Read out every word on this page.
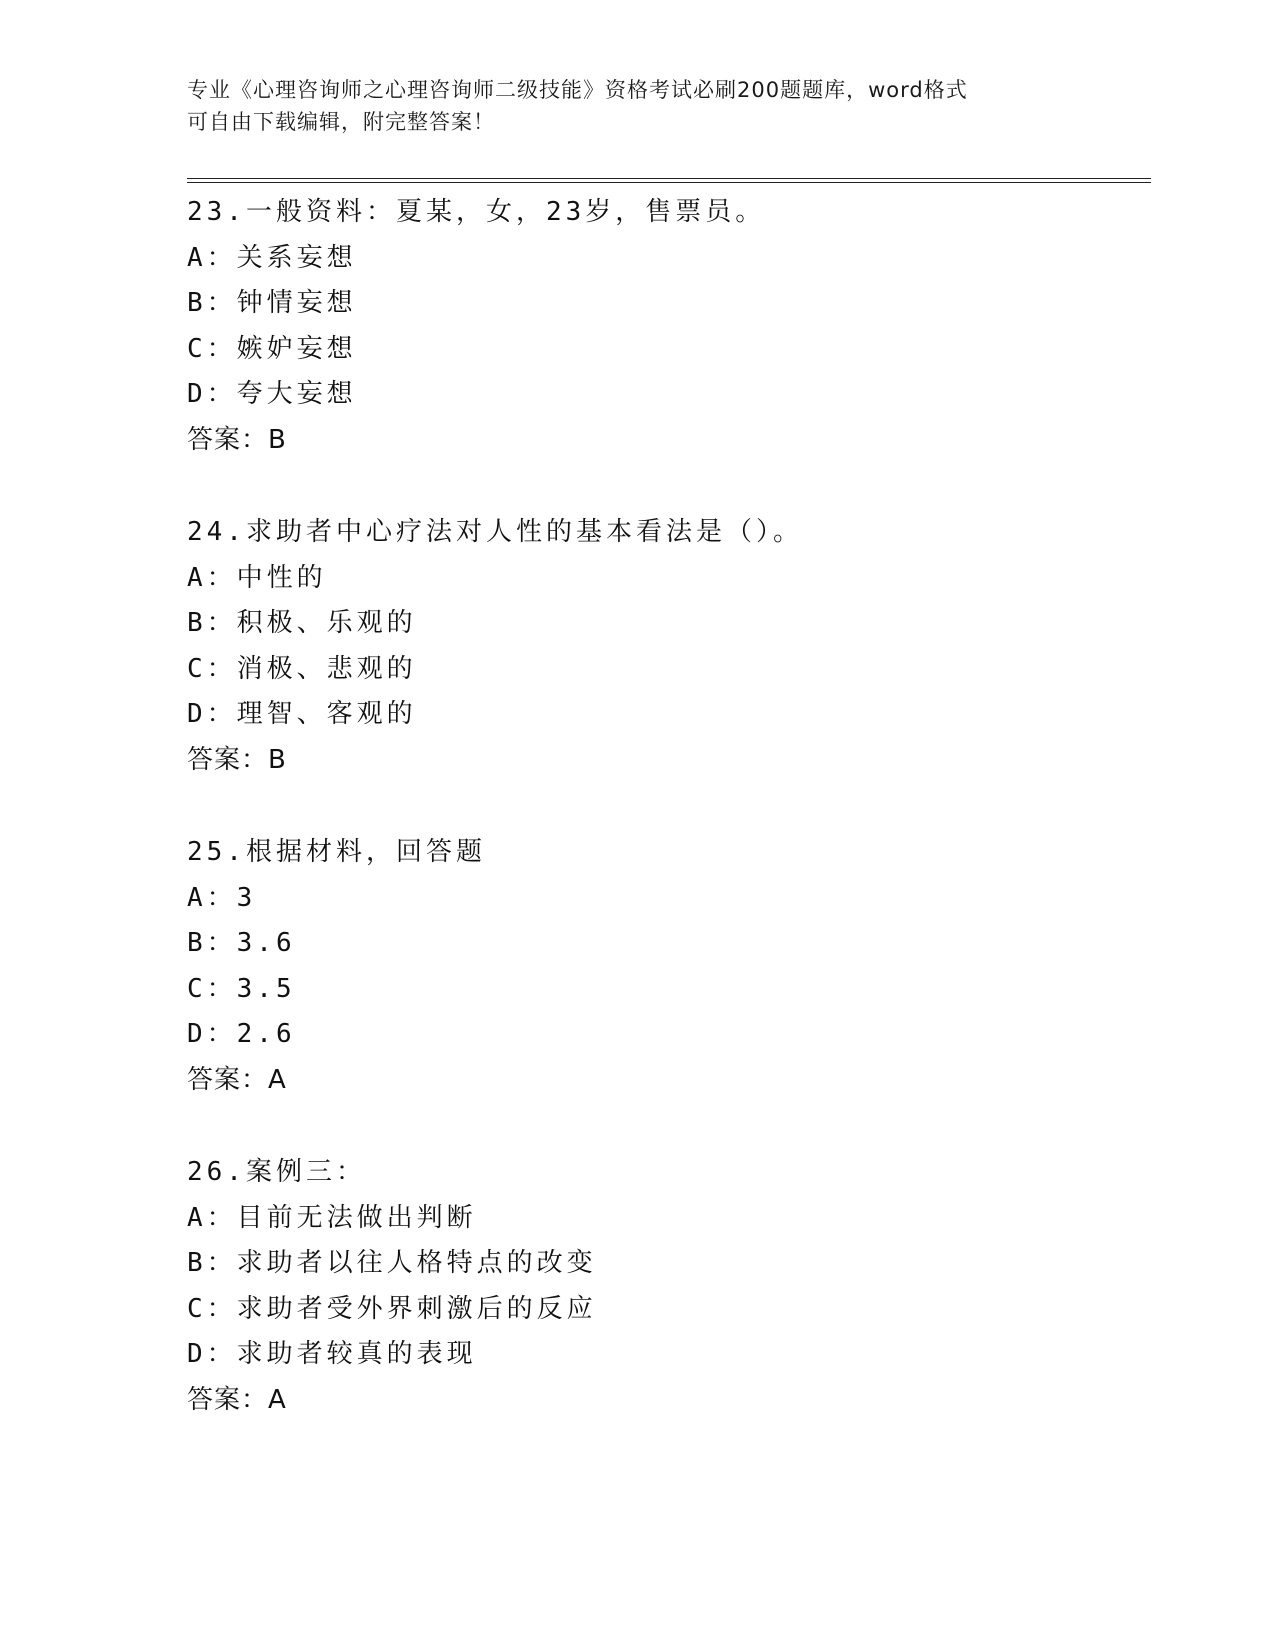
专业《心理咨询师之心理咨询师二级技能》资格考试必刷200题题库，word格式
可自由下载编辑，附完整答案！
23.一般资料：夏某，女，23岁，售票员。
A：关系妄想
B：钟情妄想
C：嫉妒妄想
D：夸大妄想
答案：B
24.求助者中心疗法对人性的基本看法是（）。
A：中性的
B：积极、乐观的
C：消极、悲观的
D：理智、客观的
答案：B
25.根据材料，回答题
A：3
B：3.6
C：3.5
D：2.6
答案：A
26.案例三：
A：目前无法做出判断
B：求助者以往人格特点的改变
C：求助者受外界刺激后的反应
D：求助者较真的表现
答案：A
